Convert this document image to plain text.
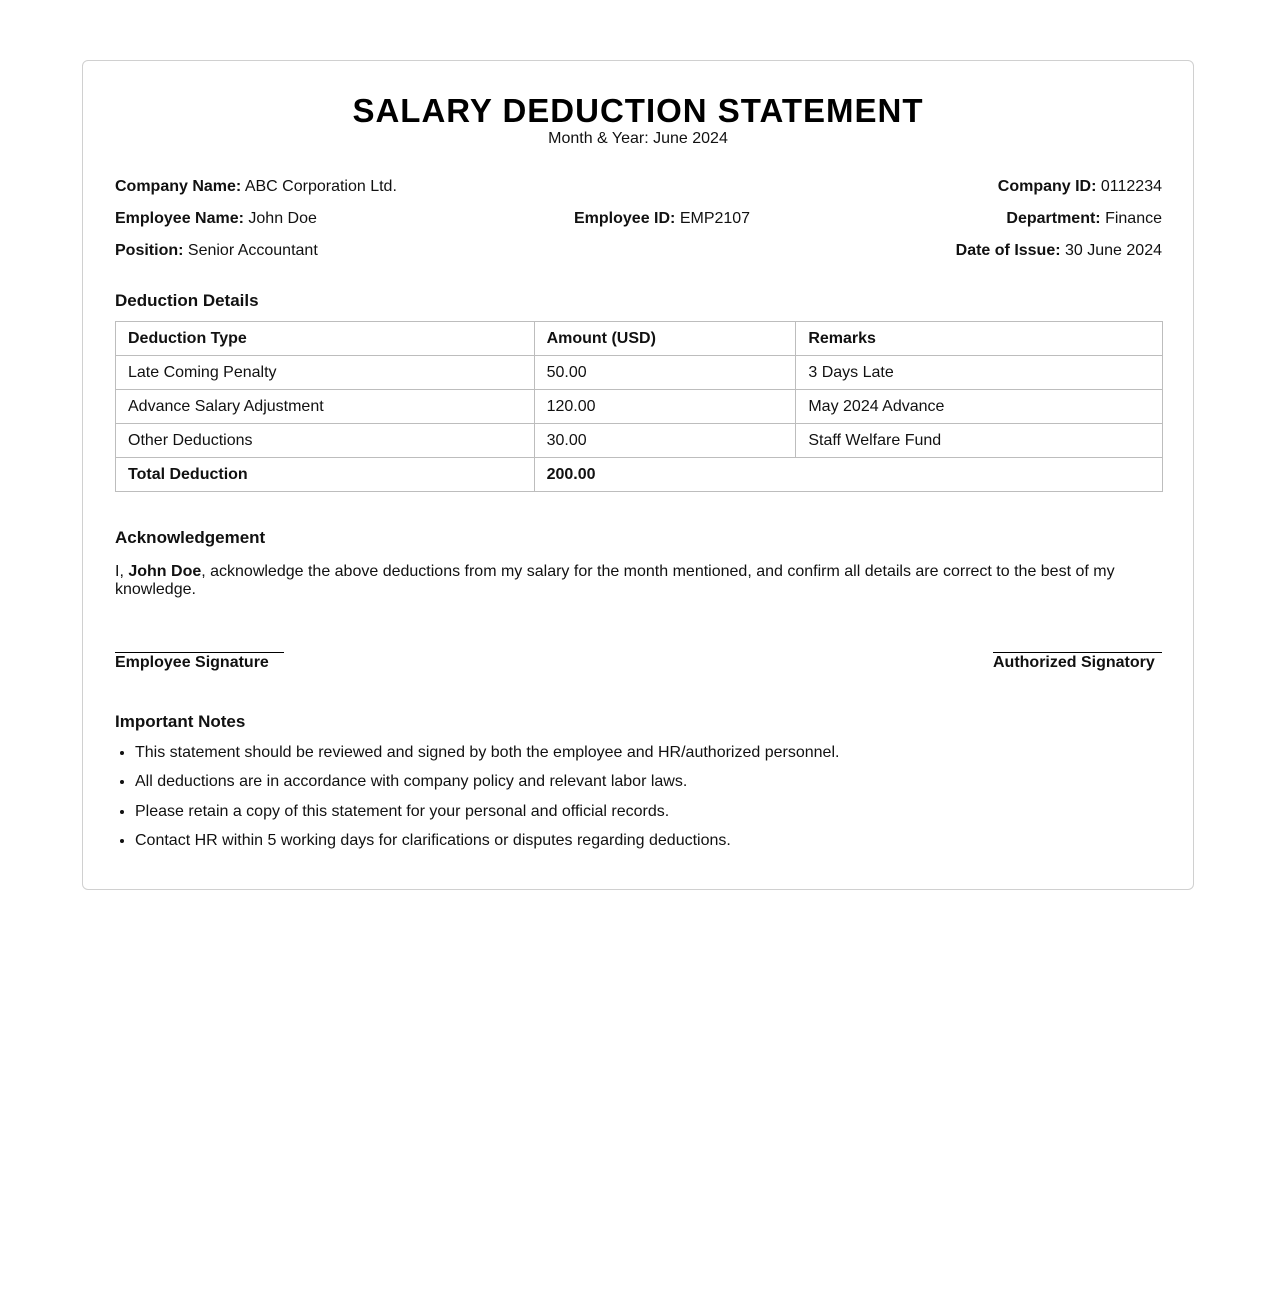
SALARY DEDUCTION STATEMENT
Month & Year: June 2024
Company Name: ABC Corporation Ltd.	Company ID: 0112234
Employee Name: John Doe	Employee ID: EMP2107	Department: Finance
Position: Senior Accountant	Date of Issue: 30 June 2024
Deduction Details
Deduction Type	Amount (USD)	Remarks
Late Coming Penalty	50.00	3 Days Late
Advance Salary Adjustment	120.00	May 2024 Advance
Other Deductions	30.00	Staff Welfare Fund
Total Deduction	200.00	
Acknowledgement
I, John Doe, acknowledge the above deductions from my salary for the month mentioned, and confirm all details are correct to the best of my knowledge.
Employee Signature	Authorized Signatory
Important Notes
• This statement should be reviewed and signed by both the employee and HR/authorized personnel.
• All deductions are in accordance with company policy and relevant labor laws.
• Please retain a copy of this statement for your personal and official records.
• Contact HR within 5 working days for clarifications or disputes regarding deductions.
